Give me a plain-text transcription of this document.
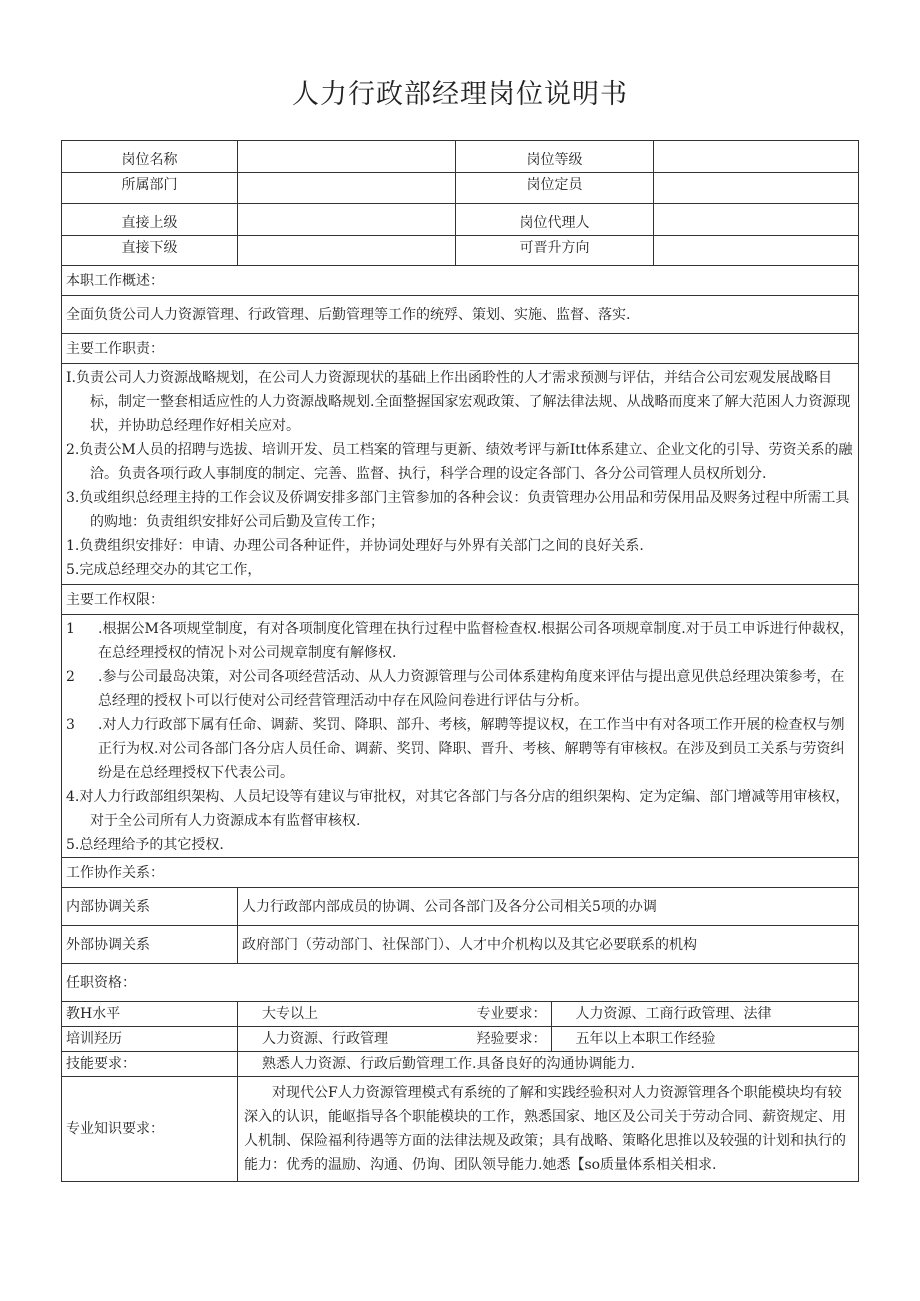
人力行政部经理岗位说明书
岗位名称		岗位等级	
所属部门		岗位定员	
直接上级		岗位代理人	
直接下级		可晋升方向	
本职工作概述：
全面负货公司人力资源管理、行政管理、后勤管理等工作的统殍、策划、实施、监督、落实.
主要工作职责：

I.负责公司人力资源战略规划，在公司人力资源现状的基础上作出函聆性的人才需求预测与评估，并结合公司宏观发展战略目标，制定一整套相适应性的人力资源战略规划.全面整握国家宏观政策、了解法律法规、从战略而度来了解大范困人力资源现状，并协助总经理作好相关应对。
2.负责公M人员的招聘与选拔、培训开发、员工档案的管理与更新、绩效考评与新Itt体系建立、企业文化的引导、劳资关系的融洽。负责各项行政人事制度的制定、完善、监督、执行，科学合理的设定各部门、各分公司管理人员权所划分.
3.负或组织总经理主持的工作会议及侨调安排多部门主管参加的各种会议：负责管理办公用品和劳保用品及赆务过程中所需工具的购地：负责组织安排好公司后勤及宣传工作；
1.负费组织安排好：申请、办理公司各种证件，并协词处理好与外界有关部门之间的良好关系.
5.完成总经理交办的其它工作，

主要工作权限：

1	.根据公M各项规堂制度，有对各项制度化管理在执行过程中监督检查权.根据公司各项规章制度.对于员工申诉进行仲裁权，在总经理授权的情况卜对公司规章制度有解修权.
2	.参与公司最岛决策，对公司各项经营活动、从人力资源管理与公司体系建构角度来评估与提出意见供总经理决策参考，在总经理的授权卜可以行使对公司经营管理活动中存在风险问卷进行评估与分析。
3	.对人力行政部下属有任命、调薪、奖罚、降职、部升、考核，解聘等提议权，在工作当中有对各项工作开展的检查权与刎正行为权.对公司各部门各分店人员任命、调薪、奖罚、降职、晋升、考核、解聘等有审核权。在涉及到员工关系与劳资纠纷是在总经理授权下代表公司。
4.对人力行政部组织架构、人员圮设等有建议与审批权，对其它各部门与各分店的组织架构、定为定编、部门增减等用审核权，对于全公司所有人力资源成本有监督审核权.
5.总经理给予的其它授权.

工作协作关系：
内部协调关系	人力行政部内部成员的协调、公司各部门及各分公司相关5项的办调
外部协调关系	政府部门（劳动部门、社保部门）、人才中介机构以及其它必要联系的机构
任职资格：
教H水平		大专以上	专业要求：	人力资源、工商行政管理、法律

培训羟历		人力资源、行政管理	羟验要求：	五年以上本职工作经验

技能要求：	熟悉人力资源、行政后勤管理工作.具备良好的沟通协调能力.
专业知识要求：	对现代公F人力资源管理模式有系统的了解和实践经验积对人力资源管理各个职能模块均有较深入的认识，能岖指导各个职能模块的工作，熟悉国家、地区及公司关于劳动合同、薪资规定、用人机制、保险福利待遇等方面的法律法规及政策；具有战略、策略化思推以及较强的计划和执行的能力：优秀的温励、沟通、仍询、团队领导能力.她悉【so质量体系相关相求.
